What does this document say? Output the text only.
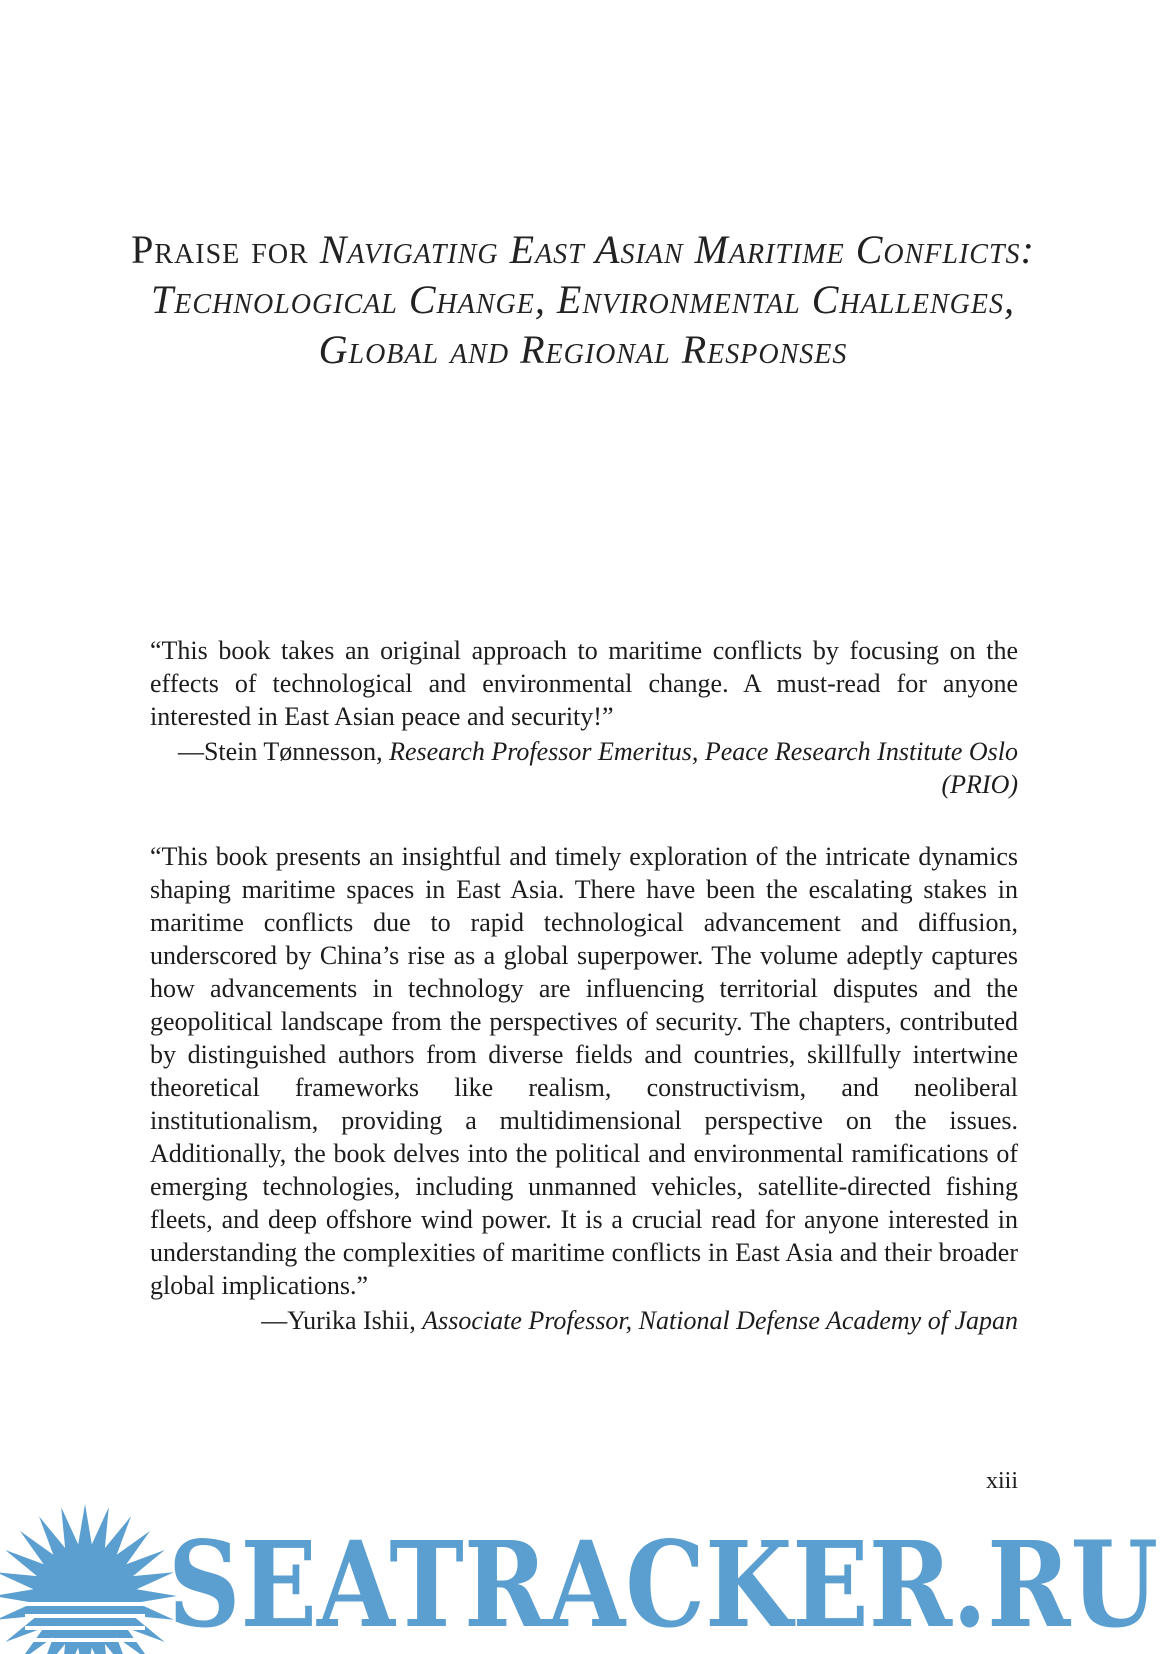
Praise for Navigating East Asian Maritime Conflicts: Technological Change, Environmental Challenges, Global and Regional Responses

“This book takes an original approach to maritime conflicts by focusing on the effects of technological and environmental change. A must-read for anyone interested in East Asian peace and security!”

—Stein Tønnesson, Research Professor Emeritus, Peace Research Institute Oslo (PRIO)

“This book presents an insightful and timely exploration of the intricate dynamics shaping maritime spaces in East Asia. There have been the escalating stakes in maritime conflicts due to rapid technological advancement and diffusion, underscored by China’s rise as a global superpower. The volume adeptly captures how advancements in technology are influencing territorial disputes and the geopolitical landscape from the perspectives of security. The chapters, contributed by distinguished authors from diverse fields and countries, skillfully intertwine theoretical frameworks like realism, constructivism, and neoliberal institutionalism, providing a multidimensional perspective on the issues. Additionally, the book delves into the political and environmental ramifications of emerging technologies, including unmanned vehicles, satellite-directed fishing fleets, and deep offshore wind power. It is a crucial read for anyone interested in understanding the complexities of maritime conflicts in East Asia and their broader global implications.”

—Yurika Ishii, Associate Professor, National Defense Academy of Japan

xiii

SEATRACKER.RU
